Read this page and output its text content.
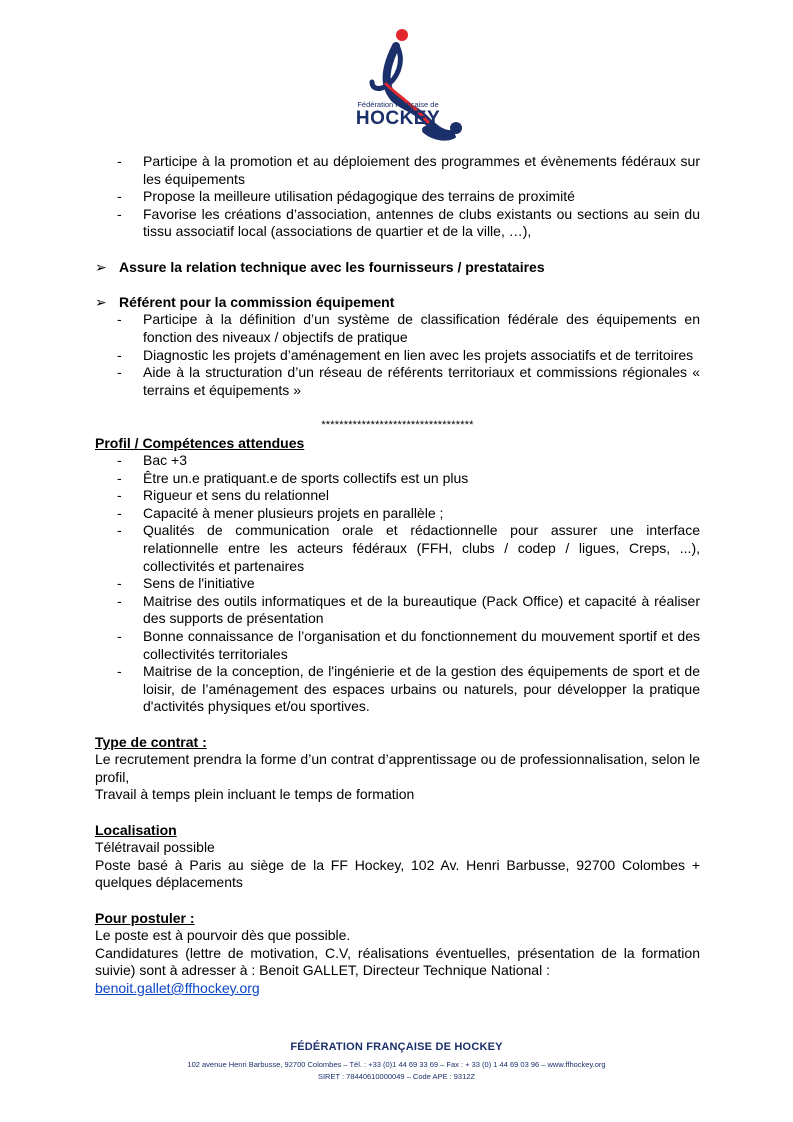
Fédération Française de
HOCKEY
- Participe à la promotion et au déploiement des programmes et évènements fédéraux sur les équipements
- Propose la meilleure utilisation pédagogique des terrains de proximité
- Favorise les créations d’association, antennes de clubs existants ou sections au sein du tissu associatif local (associations de quartier et de la ville, …),
➢ Assure la relation technique avec les fournisseurs / prestataires
➢ Référent pour la commission équipement
- Participe à la définition d’un système de classification fédérale des équipements en fonction des niveaux / objectifs de pratique
- Diagnostic les projets d’aménagement en lien avec les projets associatifs et de territoires
- Aide à la structuration d’un réseau de référents territoriaux et commissions régionales « terrains et équipements »
**********************************
Profil / Compétences attendues
- Bac +3
- Être un.e pratiquant.e de sports collectifs est un plus
- Rigueur et sens du relationnel
- Capacité à mener plusieurs projets en parallèle ;
- Qualités de communication orale et rédactionnelle pour assurer une interface relationnelle entre les acteurs fédéraux (FFH, clubs / codep / ligues, Creps, ...), collectivités et partenaires
- Sens de l'initiative
- Maitrise des outils informatiques et de la bureautique (Pack Office) et capacité à réaliser des supports de présentation
- Bonne connaissance de l’organisation et du fonctionnement du mouvement sportif et des collectivités territoriales
- Maitrise de la conception, de l'ingénierie et de la gestion des équipements de sport et de loisir, de l’aménagement des espaces urbains ou naturels, pour développer la pratique d'activités physiques et/ou sportives.
Type de contrat :
Le recrutement prendra la forme d’un contrat d’apprentissage ou de professionnalisation, selon le profil,
Travail à temps plein incluant le temps de formation
Localisation
Télétravail possible
Poste basé à Paris au siège de la FF Hockey, 102 Av. Henri Barbusse, 92700 Colombes + quelques déplacements
Pour postuler :
Le poste est à pourvoir dès que possible.
Candidatures (lettre de motivation, C.V, réalisations éventuelles, présentation de la formation suivie) sont à adresser à : Benoit GALLET, Directeur Technique National :
benoit.gallet@ffhockey.org
FÉDÉRATION FRANÇAISE DE HOCKEY
102 avenue Henri Barbusse, 92700 Colombes – Tél. : +33 (0)1 44 69 33 69 – Fax : + 33 (0) 1 44 69 03 96 – www.ffhockey.org
SIRET : 78440610000049 – Code APE : 9312Z
